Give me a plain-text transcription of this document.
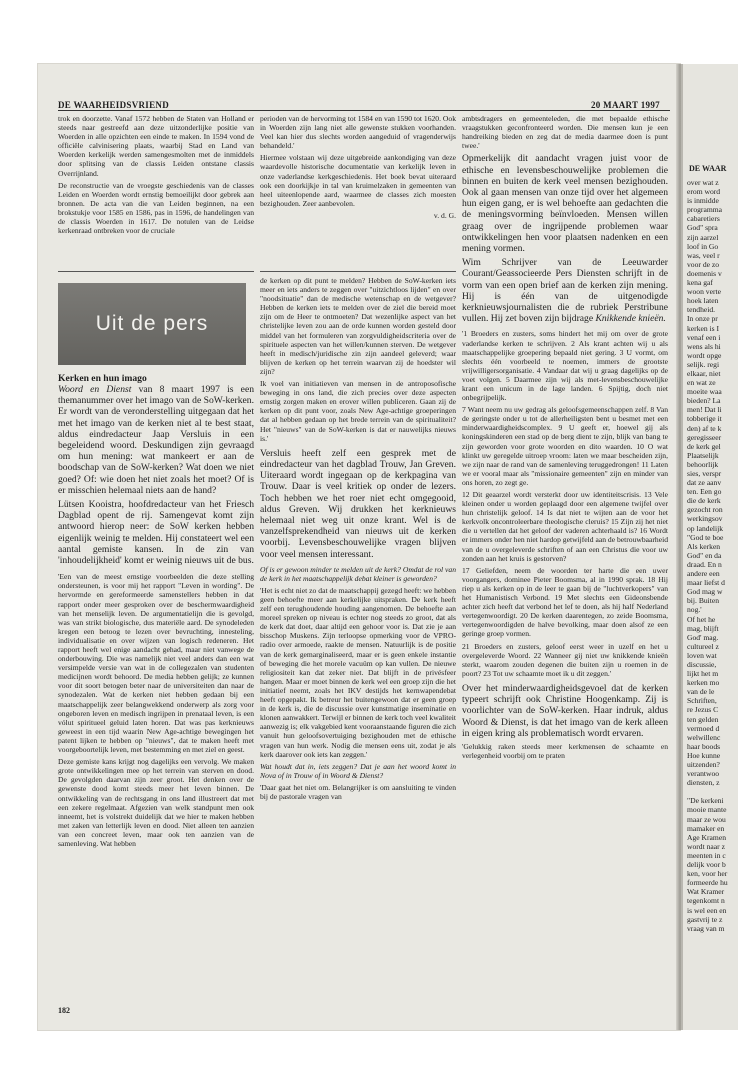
DE WAAR
over wat z
erom word
is inmidde
programma
cabaretiers
God" spra
zijn aarzel
loof in Go
was, veel r
voor de zo
doemenis v
kena gaf
woon verte
hoek laten
tendheid.
In onze pr
kerken is I
venaf een i
wens als hi
wordt opge
selijk. regi
elkaar, niet
en wat ze
moeite waa
bieden? La
men! Dat li
tobberige it
den) af te k
geregisseer
de kerk gel
Plaatselijk
behoorlijk
sies, verspr
dat ze aanv
ten. Een go
die de kerk
gezocht ron
werkingsov
op landelijk
"God te boe
Als kerken
God" en da
draad. En n
andere een
maar liefst d
God mag w
bij. Buiten
nog.'
Of het he
mag, blijft
God' mag.
cultureel z
loven wat
discussie,
lijkt het m
kerken mo
van de le
Schriften,
re Jezus C
ten gelden
vermoed d
welwillenc
haar boods
Hoe kunne
uitzenden?
verantwoo
diensten, z
"De kerkeni
mooie mante
maar ze wou
mamaker en
Age Kramen
wordt naar z
meenten in c
delijk voor b
ken, voor her
formeerde hu
Wat Kramer
tegenkomt n
is wel een en
gastvrij te z
vraag van m
DE WAARHEIDSVRIEND	20 MAART 1997

trok en doorzette. Vanaf 1572 hebben de Staten van Holland er steeds naar gestreefd aan deze uitzonderlijke positie van Woerden in alle opzichten een einde te maken. In 1594 vond de officiële calvinisering plaats, waarbij Stad en Land van Woerden kerkelijk werden samengesmolten met de inmiddels door splitsing van de classis Leiden ontstane classis Overrijnland.

De reconstructie van de vroegste geschiedenis van de classes Leiden en Woerden wordt ernstig bemoeilijkt door gebrek aan bronnen. De acta van die van Leiden beginnen, na een brokstukje voor 1585 en 1586, pas in 1596, de handelingen van de classis Woerden in 1617. De notulen van de Leidse kerkenraad ontbreken voor de cruciale

Uit de pers
Kerken en hun imago

Woord en Dienst van 8 maart 1997 is een themanummer over het imago van de SoW-kerken. Er wordt van de veronderstelling uitgegaan dat het met het imago van de kerken niet al te best staat, aldus eindredacteur Jaap Versluis in een begeleidend woord. Deskundigen zijn gevraagd om hun mening: wat mankeert er aan de boodschap van de SoW-kerken? Wat doen we niet goed? Of: wie doen het niet zoals het moet? Of is er misschien helemaal niets aan de hand?

Lütsen Kooistra, hoofdredacteur van het Friesch Dagblad opent de rij. Samengevat komt zijn antwoord hierop neer: de SoW kerken hebben eigenlijk weinig te melden. Hij constateert wel een aantal gemiste kansen. In de zin van 'inhoudelijkheid' komt er weinig nieuws uit de bus.

'Een van de meest ernstige voorbeelden die deze stelling ondersteunen, is voor mij het rapport "Leven in wording". De hervormde en gereformeerde samenstellers hebben in dat rapport onder meer gesproken over de beschermwaardigheid van het menselijk leven. De argumentatielijn die is gevolgd, was van strikt biologische, dus materiële aard. De synodeleden kregen een betoog te lezen over bevruchting, innesteling, individualisatie en over wijzen van logisch redeneren. Het rapport heeft wel enige aandacht gehad, maar niet vanwege de onderbouwing. Die was namelijk niet veel anders dan een wat versimpelde versie van wat in de collegezalen van studenten medicijnen wordt behoord. De media hebben gelijk; ze kunnen voor dit soort betogen beter naar de universiteiten dan naar de synodezalen. Wat de kerken niet hebben gedaan bij een maatschappelijk zeer belangwekkend onderwerp als zorg voor ongeboren leven en medisch ingrijpen in prenataal leven, is een vólut spiritueel geluid laten horen. Dat was pas kerknieuws geweest in een tijd waarin New Age-achtige bewegingen het patent lijken te hebben op "nieuws", dat te maken heeft met voorgeboortelijk leven, met bestemming en met ziel en geest.

Deze gemiste kans krijgt nog dagelijks een vervolg. We maken grote ontwikkelingen mee op het terrein van sterven en dood. De gevolgden daarvan zijn zeer groot. Het denken over de gewenste dood komt steeds meer het leven binnen. De ontwikkeling van de rechtsgang in ons land illustreert dat met een zekere regelmaat. Afgezien van welk standpunt men ook inneemt, het is volstrekt duidelijk dat we hier te maken hebben met zaken van letterlijk leven en dood. Niet alleen ten aanzien van een concreet leven, maar ook ten aanzien van de samenleving. Wat hebben

perioden van de hervorming tot 1584 en van 1590 tot 1620. Ook in Woerden zijn lang niet alle gewenste stukken voorhanden. Veel kan hier dus slechts worden aangeduid of vragenderwijs behandeld.'

Hiermee volstaan wij deze uitgebreide aankondiging van deze waardevolle historische documentatie van kerkelijk leven in onze vaderlandse kerkgeschiedenis. Het boek bevat uiteraard ook een doorkijkje in tal van kruimelzaken in gemeenten van heel uiteenlopende aard, waarmee de classes zich moesten bezighouden. Zeer aanbevolen.

v. d. G.

de kerken op dit punt te melden? Hebben de SoW-kerken iets meer en iets anders te zeggen over "uitzichtloos lijden" en over "noodsituatie" dan de medische wetenschap en de wetgever? Hebben de kerken iets te melden over de ziel die bereid moet zijn om de Heer te ontmoeten? Dat wezenlijke aspect van het christelijke leven zou aan de orde kunnen worden gesteld door middel van het formuleren van zorgvuldigheidscriteria over de spirituele aspecten van het willen/kunnen sterven. De wetgever heeft in medisch/juridische zin zijn aandeel geleverd; waar blijven de kerken op het terrein waarvan zij de hoedster wil zijn?

Ik voel van initiatieven van mensen in de antroposofische beweging in ons land, die zich precies over deze aspecten ernstig zorgen maken en erover willen publiceren. Gaan zij de kerken op dit punt voor, zoals New Age-achtige groeperingen dat al hebben gedaan op het brede terrein van de spiritualiteit? Het "nieuws" van de SoW-kerken is dat er nauwelijks nieuws is.'

Versluis heeft zelf een gesprek met de eindredacteur van het dagblad Trouw, Jan Greven. Uiteraard wordt ingegaan op de kerkpagina van Trouw. Daar is veel kritiek op onder de lezers. Toch hebben we het roer niet echt omgegooid, aldus Greven. Wij drukken het kerknieuws helemaal niet weg uit onze krant. Wel is de vanzelfsprekendheid van nieuws uit de kerken voorbij. Levensbeschouwelijke vragen blijven voor veel mensen interessant.

Of is er gewoon minder te melden uit de kerk? Omdat de rol van de kerk in het maatschappelijk debat kleiner is geworden?

'Het is echt niet zo dat de maatschappij gezegd heeft: we hebben geen behoefte meer aan kerkelijke uitspraken. De kerk heeft zelf een terughoudende houding aangenomen. De behoefte aan moreel spreken op niveau is echter nog steeds zo groot, dat als de kerk dat doet, daar altijd een gehoor voor is. Dat zie je aan bisschop Muskens. Zijn terloopse opmerking voor de VPRO-radio over armoede, raakte de mensen. Natuurlijk is de positie van de kerk gemarginaliseerd, maar er is geen enkele instantie of beweging die het morele vacuüm op kan vullen. De nieuwe religiositeit kan dat zeker niet. Dat blijft in de privésfeer hangen. Maar er moet binnen de kerk wel een groep zijn die het initiatief neemt, zoals het IKV destijds het kernwapendebat heeft opgepakt. Ik betreur het buitengewoon dat er geen groep in de kerk is, die de discussie over kunstmatige inseminatie en klonen aanwakkert. Terwijl er binnen de kerk toch veel kwaliteit aanwezig is; elk vakgebied kent vooraanstaande figuren die zich vanuit hun geloofsovertuiging bezighouden met de ethische vragen van hun werk. Nodig die mensen eens uit, zodat je als kerk daarover ook iets kan zeggen.'

Wat houdt dat in, iets zeggen? Dat je aan het woord komt in Nova of in Trouw of in Woord & Dienst?

'Daar gaat het niet om. Belangrijker is om aansluiting te vinden bij de pastorale vragen van

ambtsdragers en gemeenteleden, die met bepaalde ethische vraagstukken geconfronteerd worden. Die mensen kun je een handreiking bieden en zeg dat de media daarmee doen is punt twee.'

Opmerkelijk dit aandacht vragen juist voor de ethische en levensbeschouwelijke problemen die binnen en buiten de kerk veel mensen bezighouden. Ook al gaan mensen van onze tijd over het algemeen hun eigen gang, er is wel behoefte aan gedachten die de meningsvorming beïnvloeden. Mensen willen graag over de ingrijpende problemen waar ontwikkelingen hen voor plaatsen nadenken en een mening vormen.

Wim Schrijver van de Leeuwarder Courant/Geassocieerde Pers Diensten schrijft in de vorm van een open brief aan de kerken zijn mening. Hij is één van de uitgenodigde kerknieuwsjournalisten die de rubriek Perstribune vullen. Hij zet boven zijn bijdrage Knikkende knieën.

'1 Broeders en zusters, soms hindert het mij om over de grote vaderlandse kerken te schrijven. 2 Als krant achten wij u als maatschappelijke groepering bepaald niet gering. 3 U vormt, om slechts één voorbeeld te noemen, immers de grootste vrijwilligersorganisatie. 4 Vandaar dat wij u graag dagelijks op de voet volgen. 5 Daarmee zijn wij als met-levensbeschouwelijke krant een unicum in de lage landen. 6 Spijtig, doch niet onbegrijpelijk.

7 Want neem nu uw gedrag als geloofsgemeenschappen zelf. 8 Van de geringste onder u tot de allerheiligsten bent u besmet met een minderwaardigheidscomplex. 9 U geeft er, hoewel gij als koningskinderen een stad op de berg dient te zijn, blijk van bang te zijn geworden voor grote woorden en dito waarden. 10 O wat klinkt uw geregelde uitroep vroom: laten we maar bescheiden zijn, we zijn naar de rand van de samenleving teruggedrongen! 11 Laten we er vooral maar als "missionaire gemeenten" zijn en minder van ons horen, zo zegt ge.

12 Dit geaarzel wordt versterkt door uw identiteitscrisis. 13 Vele kleinen onder u worden geplaagd door een algemene twijfel over hun christelijk geloof. 14 Is dat niet te wijten aan de voor het kerkvolk oncontroleerbare theologische cleruis? 15 Zijn zij het niet die u vertellen dat het geloof der vaderen achterhaald is? 16 Wordt er immers onder hen niet hardop getwijfeld aan de betrouwbaarheid van de u overgeleverde schriften of aan een Christus die voor uw zonden aan het kruis is gestorven?

17 Geliefden, neem de woorden ter harte die een uwer voorgangers, dominee Pieter Boomsma, al in 1990 sprak. 18 Hij riep u als kerken op in de leer te gaan bij de "luchtverkopers" van het Humanistisch Verbond. 19 Met slechts een Gideonsbende achter zich heeft dat verbond het lef te doen, als hij half Nederland vertegenwoordigt. 20 De kerken daarentegen, zo zeide Boomsma, vertegenwoordigden de halve bevolking, maar doen alsof ze een geringe groep vormen.

21 Broeders en zusters, geloof eerst weer in uzelf en het u overgeleverde Woord. 22 Wanneer gij niet uw knikkende knieën sterkt, waarom zouden degenen die buiten zijn u roemen in de poort? 23 Tot uw schaamte moet ik u dit zeggen.'

Over het minderwaardigheidsgevoel dat de kerken typeert schrijft ook Christine Hoogenkamp. Zij is voorlichter van de SoW-kerken. Haar indruk, aldus Woord & Dienst, is dat het imago van de kerk alleen in eigen kring als problematisch wordt ervaren.

'Gelukkig raken steeds meer kerkmensen de schaamte en verlegenheid voorbij om te praten

182
